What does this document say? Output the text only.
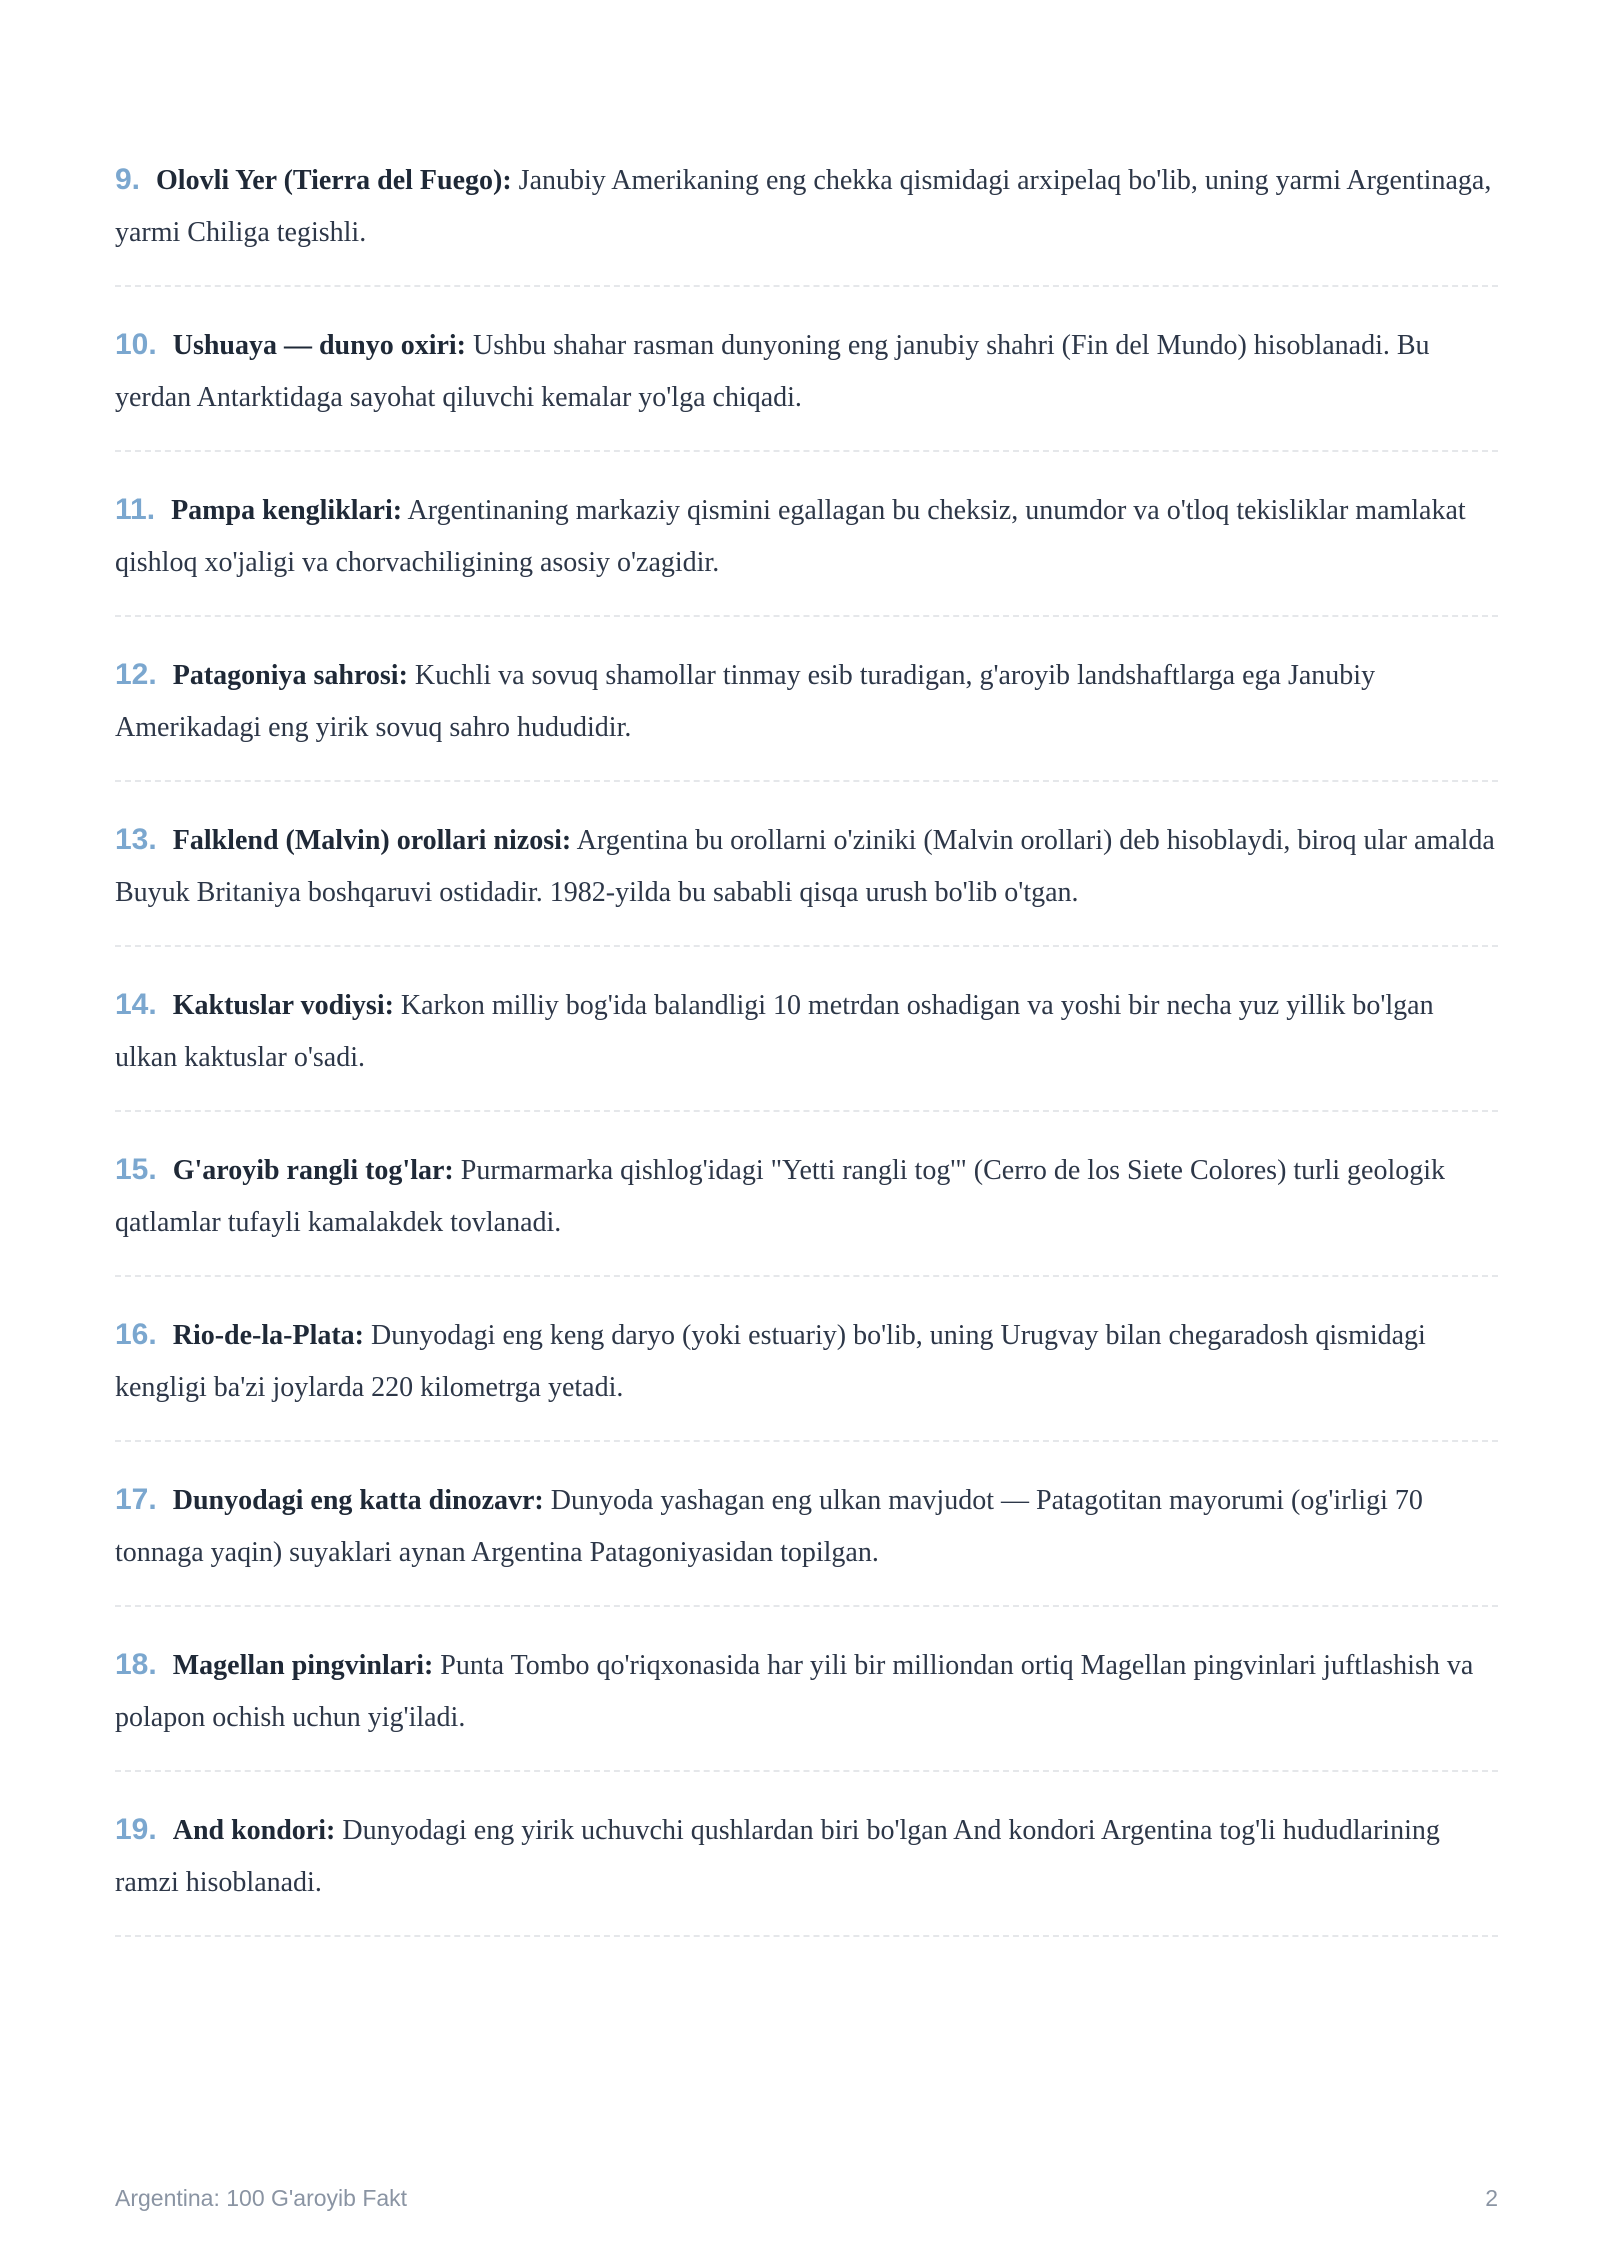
9. Olovli Yer (Tierra del Fuego): Janubiy Amerikaning eng chekka qismidagi arxipelaq bo'lib, uning yarmi Argentinaga, yarmi Chiliga tegishli.

10. Ushuaya — dunyo oxiri: Ushbu shahar rasman dunyoning eng janubiy shahri (Fin del Mundo) hisoblanadi. Bu yerdan Antarktidaga sayohat qiluvchi kemalar yo'lga chiqadi.

11. Pampa kengliklari: Argentinaning markaziy qismini egallagan bu cheksiz, unumdor va o'tloq tekisliklar mamlakat qishloq xo'jaligi va chorvachiligining asosiy o'zagidir.

12. Patagoniya sahrosi: Kuchli va sovuq shamollar tinmay esib turadigan, g'aroyib landshaftlarga ega Janubiy Amerikadagi eng yirik sovuq sahro hududidir.

13. Falklend (Malvin) orollari nizosi: Argentina bu orollarni o'ziniki (Malvin orollari) deb hisoblaydi, biroq ular amalda Buyuk Britaniya boshqaruvi ostidadir. 1982-yilda bu sababli qisqa urush bo'lib o'tgan.

14. Kaktuslar vodiysi: Karkon milliy bog'ida balandligi 10 metrdan oshadigan va yoshi bir necha yuz yillik bo'lgan ulkan kaktuslar o'sadi.

15. G'aroyib rangli tog'lar: Purmarmarka qishlog'idagi "Yetti rangli tog'" (Cerro de los Siete Colores) turli geologik qatlamlar tufayli kamalakdek tovlanadi.

16. Rio-de-la-Plata: Dunyodagi eng keng daryo (yoki estuariy) bo'lib, uning Urugvay bilan chegaradosh qismidagi kengligi ba'zi joylarda 220 kilometrga yetadi.

17. Dunyodagi eng katta dinozavr: Dunyoda yashagan eng ulkan mavjudot — Patagotitan mayorumi (og'irligi 70 tonnaga yaqin) suyaklari aynan Argentina Patagoniyasidan topilgan.

18. Magellan pingvinlari: Punta Tombo qo'riqxonasida har yili bir milliondan ortiq Magellan pingvinlari juftlashish va polapon ochish uchun yig'iladi.

19. And kondori: Dunyodagi eng yirik uchuvchi qushlardan biri bo'lgan And kondori Argentina tog'li hududlarining ramzi hisoblanadi.

Argentina: 100 G'aroyib Fakt	2
